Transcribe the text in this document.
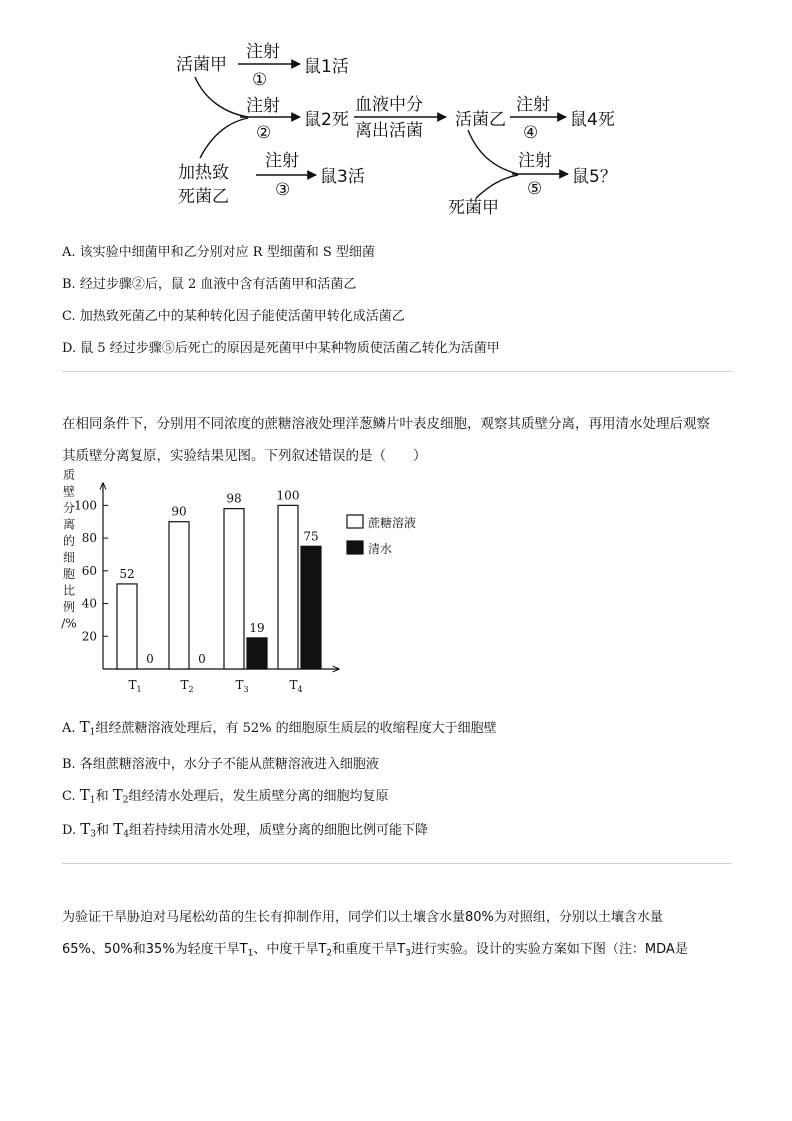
活菌甲
注射
①
鼠1活
注射
②
鼠2死
血液中分
离出活菌
活菌乙
注射
④
鼠4死
加热致
死菌乙
注射
③
鼠3活
注射
⑤
鼠5？
死菌甲
A. 该实验中细菌甲和乙分别对应 R 型细菌和 S 型细菌
B. 经过步骤②后，鼠 2 血液中含有活菌甲和活菌乙
C. 加热致死菌乙中的某种转化因子能使活菌甲转化成活菌乙
D. 鼠 5 经过步骤⑤后死亡的原因是死菌甲中某种物质使活菌乙转化为活菌甲
在相同条件下，分别用不同浓度的蔗糖溶液处理洋葱鳞片叶表皮细胞，观察其质壁分离，再用清水处理后观察
其质壁分离复原，实验结果见图。下列叙述错误的是（　　）
质
壁
分
离
的
细
胞
比
例
/%
20
40
60
80
100
52
0
$T_1$
90
0
$T_2$
98
19
$T_3$
100
75
$T_4$
蔗糖溶液
清水
A. $T_1$组经蔗糖溶液处理后，有 52% 的细胞原生质层的收缩程度大于细胞壁
B. 各组蔗糖溶液中，水分子不能从蔗糖溶液进入细胞液
C. $T_1$和 $T_2$组经清水处理后，发生质壁分离的细胞均复原
D. $T_3$和 $T_4$组若持续用清水处理，质壁分离的细胞比例可能下降
为验证干旱胁迫对马尾松幼苗的生长有抑制作用，同学们以土壤含水量80%为对照组，分别以土壤含水量
65%、50%和35%为轻度干旱$T_1$、中度干旱$T_2$和重度干旱$T_3$进行实验。设计的实验方案如下图（注：MDA是
